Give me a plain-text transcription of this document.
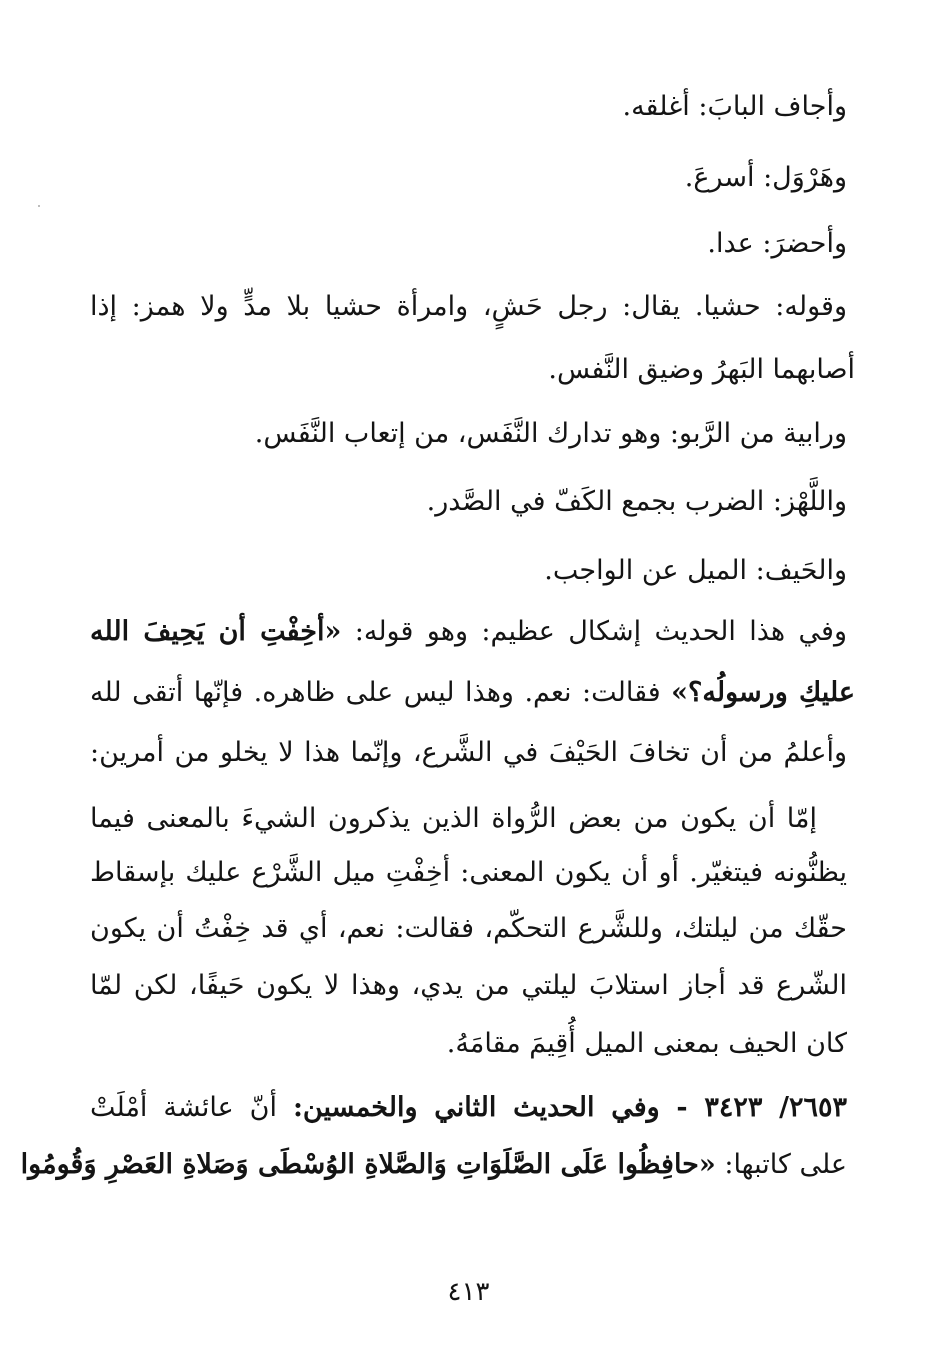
وأجاف البابَ: أغلقه.
وهَرْوَل: أسرعَ.
وأحضرَ: عدا.
وقوله: حشيا. يقال: رجل حَشٍ، وامرأة حشيا بلا مدٍّ ولا همز: إذا
أصابهما البَهرُ وضيق النَّفس.
ورابية من الرَّبو: وهو تدارك النَّفَس، من إتعاب النَّفَس.
واللَّهْز: الضرب بجمع الكَفّ في الصَّدر.
والحَيف: الميل عن الواجب.
وفي هذا الحديث إشكال عظيم: وهو قوله: «أخِفْتِ أن يَحِيفَ الله
عليكِ ورسولُه؟» فقالت: نعم. وهذا ليس على ظاهره. فإنّها أتقى لله
وأعلمُ من أن تخافَ الحَيْفَ في الشَّرع، وإنّما هذا لا يخلو من أمرين:
إمّا أن يكون من بعض الرُّواة الذين يذكرون الشيءَ بالمعنى فيما
يظنُّونه فيتغيّر. أو أن يكون المعنى: أخِفْتِ ميل الشَّرْع عليك بإسقاط
حقّك من ليلتك، وللشَّرع التحكّم، فقالت: نعم، أي قد خِفْتُ أن يكون
الشّرع قد أجاز استلابَ ليلتي من يدي، وهذا لا يكون حَيفًا، لكن لمّا
كان الحيف بمعنى الميل أُقِيمَ مقامَهُ.
٢٦٥٣/ ٣٤٢٣ - وفي الحديث الثاني والخمسين: أنّ عائشة أمْلَتْ
على كاتبها: «حافِظُوا عَلَى الصَّلَوَاتِ وَالصَّلاةِ الوُسْطَى وَصَلاةِ العَصْرِ وَقُومُوا
٤١٣
